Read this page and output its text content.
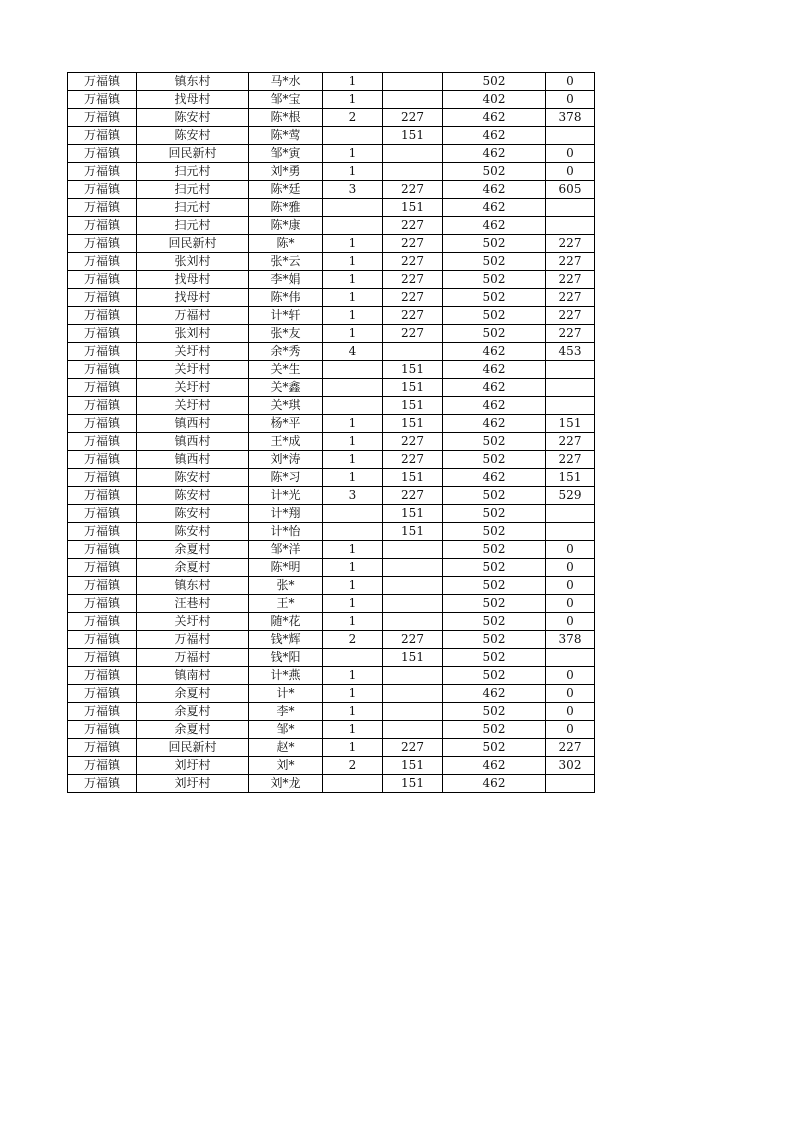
万福镇	镇东村	马*水	1		502	0
万福镇	找母村	邹*宝	1		402	0
万福镇	陈安村	陈*根	2	227	462	378
万福镇	陈安村	陈*莺		151	462	
万福镇	回民新村	邹*寅	1		462	0
万福镇	扫元村	刘*勇	1		502	0
万福镇	扫元村	陈*廷	3	227	462	605
万福镇	扫元村	陈*雅		151	462	
万福镇	扫元村	陈*康		227	462	
万福镇	回民新村	陈*	1	227	502	227
万福镇	张刘村	张*云	1	227	502	227
万福镇	找母村	李*娟	1	227	502	227
万福镇	找母村	陈*伟	1	227	502	227
万福镇	万福村	计*轩	1	227	502	227
万福镇	张刘村	张*友	1	227	502	227
万福镇	关圩村	余*秀	4		462	453
万福镇	关圩村	关*生		151	462	
万福镇	关圩村	关*鑫		151	462	
万福镇	关圩村	关*琪		151	462	
万福镇	镇西村	杨*平	1	151	462	151
万福镇	镇西村	王*成	1	227	502	227
万福镇	镇西村	刘*涛	1	227	502	227
万福镇	陈安村	陈*习	1	151	462	151
万福镇	陈安村	计*光	3	227	502	529
万福镇	陈安村	计*翔		151	502	
万福镇	陈安村	计*怡		151	502	
万福镇	余夏村	邹*洋	1		502	0
万福镇	余夏村	陈*明	1		502	0
万福镇	镇东村	张*	1		502	0
万福镇	汪巷村	王*	1		502	0
万福镇	关圩村	随*花	1		502	0
万福镇	万福村	钱*辉	2	227	502	378
万福镇	万福村	钱*阳		151	502	
万福镇	镇南村	计*燕	1		502	0
万福镇	余夏村	计*	1		462	0
万福镇	余夏村	李*	1		502	0
万福镇	余夏村	邹*	1		502	0
万福镇	回民新村	赵*	1	227	502	227
万福镇	刘圩村	刘*	2	151	462	302
万福镇	刘圩村	刘*龙		151	462	
